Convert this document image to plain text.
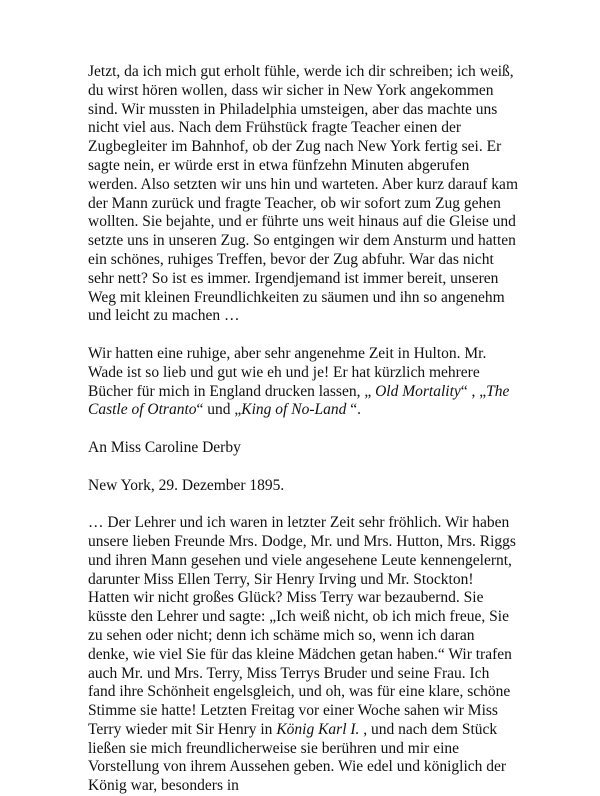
Jetzt, da ich mich gut erholt fühle, werde ich dir schreiben; ich weiß, du wirst hören wollen, dass wir sicher in New York angekommen sind. Wir mussten in Philadelphia umsteigen, aber das machte uns nicht viel aus. Nach dem Frühstück fragte Teacher einen der Zugbegleiter im Bahnhof, ob der Zug nach New York fertig sei. Er sagte nein, er würde erst in etwa fünfzehn Minuten abgerufen werden. Also setzten wir uns hin und warteten. Aber kurz darauf kam der Mann zurück und fragte Teacher, ob wir sofort zum Zug gehen wollten. Sie bejahte, und er führte uns weit hinaus auf die Gleise und setzte uns in unseren Zug. So entgingen wir dem Ansturm und hatten ein schönes, ruhiges Treffen, bevor der Zug abfuhr. War das nicht sehr nett? So ist es immer. Irgendjemand ist immer bereit, unseren Weg mit kleinen Freundlichkeiten zu säumen und ihn so angenehm und leicht zu machen …

Wir hatten eine ruhige, aber sehr angenehme Zeit in Hulton. Mr. Wade ist so lieb und gut wie eh und je! Er hat kürzlich mehrere Bücher für mich in England drucken lassen, „ Old Mortality“ , „The Castle of Otranto“ und „King of No-Land “.

An Miss Caroline Derby

New York, 29. Dezember 1895.

… Der Lehrer und ich waren in letzter Zeit sehr fröhlich. Wir haben unsere lieben Freunde Mrs. Dodge, Mr. und Mrs. Hutton, Mrs. Riggs und ihren Mann gesehen und viele angesehene Leute kennengelernt, darunter Miss Ellen Terry, Sir Henry Irving und Mr. Stockton! Hatten wir nicht großes Glück? Miss Terry war bezaubernd. Sie küsste den Lehrer und sagte: „Ich weiß nicht, ob ich mich freue, Sie zu sehen oder nicht; denn ich schäme mich so, wenn ich daran denke, wie viel Sie für das kleine Mädchen getan haben.“ Wir trafen auch Mr. und Mrs. Terry, Miss Terrys Bruder und seine Frau. Ich fand ihre Schönheit engelsgleich, und oh, was für eine klare, schöne Stimme sie hatte! Letzten Freitag vor einer Woche sahen wir Miss Terry wieder mit Sir Henry in König Karl I. , und nach dem Stück ließen sie mich freundlicherweise sie berühren und mir eine Vorstellung von ihrem Aussehen geben. Wie edel und königlich der König war, besonders in
